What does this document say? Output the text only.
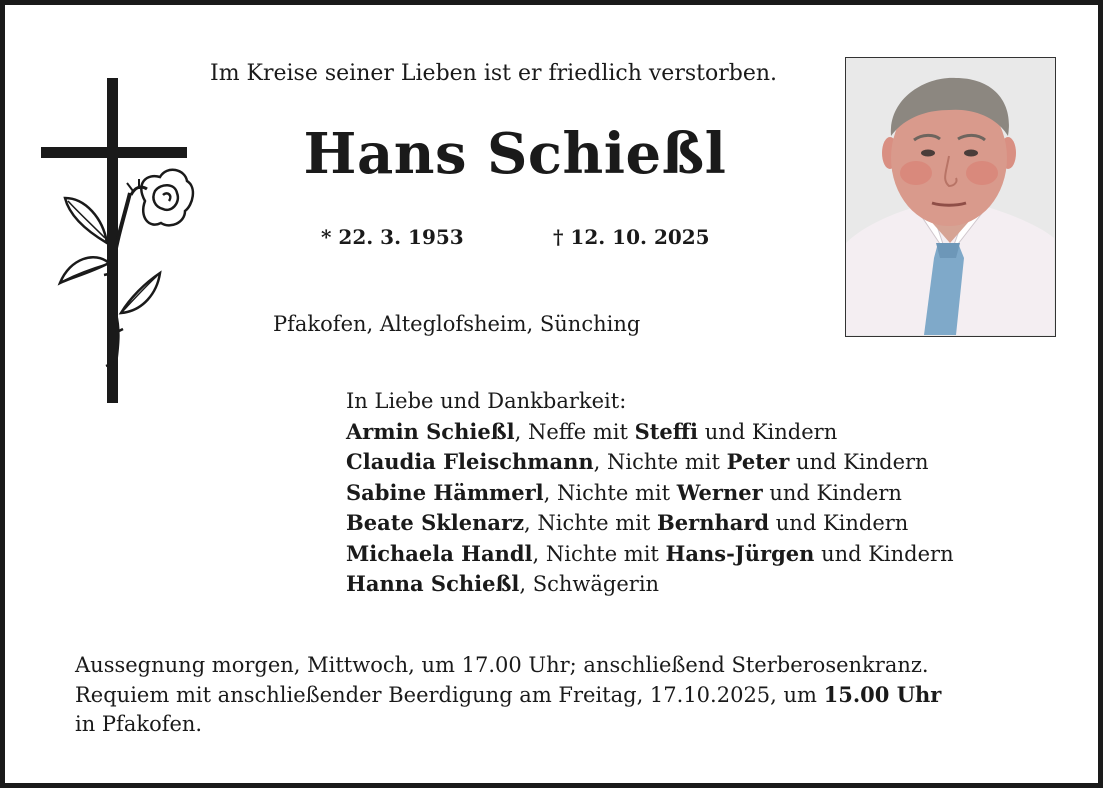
Im Kreise seiner Lieben ist er friedlich verstorben.
Hans Schießl
* 22. 3. 1953	† 12. 10. 2025
Pfakofen, Alteglofsheim, Sünching
In Liebe und Dankbarkeit:
Armin Schießl, Neffe mit Steffi und Kindern
Claudia Fleischmann, Nichte mit Peter und Kindern
Sabine Hämmerl, Nichte mit Werner und Kindern
Beate Sklenarz, Nichte mit Bernhard und Kindern
Michaela Handl, Nichte mit Hans-Jürgen und Kindern
Hanna Schießl, Schwägerin
Aussegnung morgen, Mittwoch, um 17.00 Uhr; anschließend Sterberosenkranz.
Requiem mit anschließender Beerdigung am Freitag, 17.10.2025, um 15.00 Uhr
in Pfakofen.
